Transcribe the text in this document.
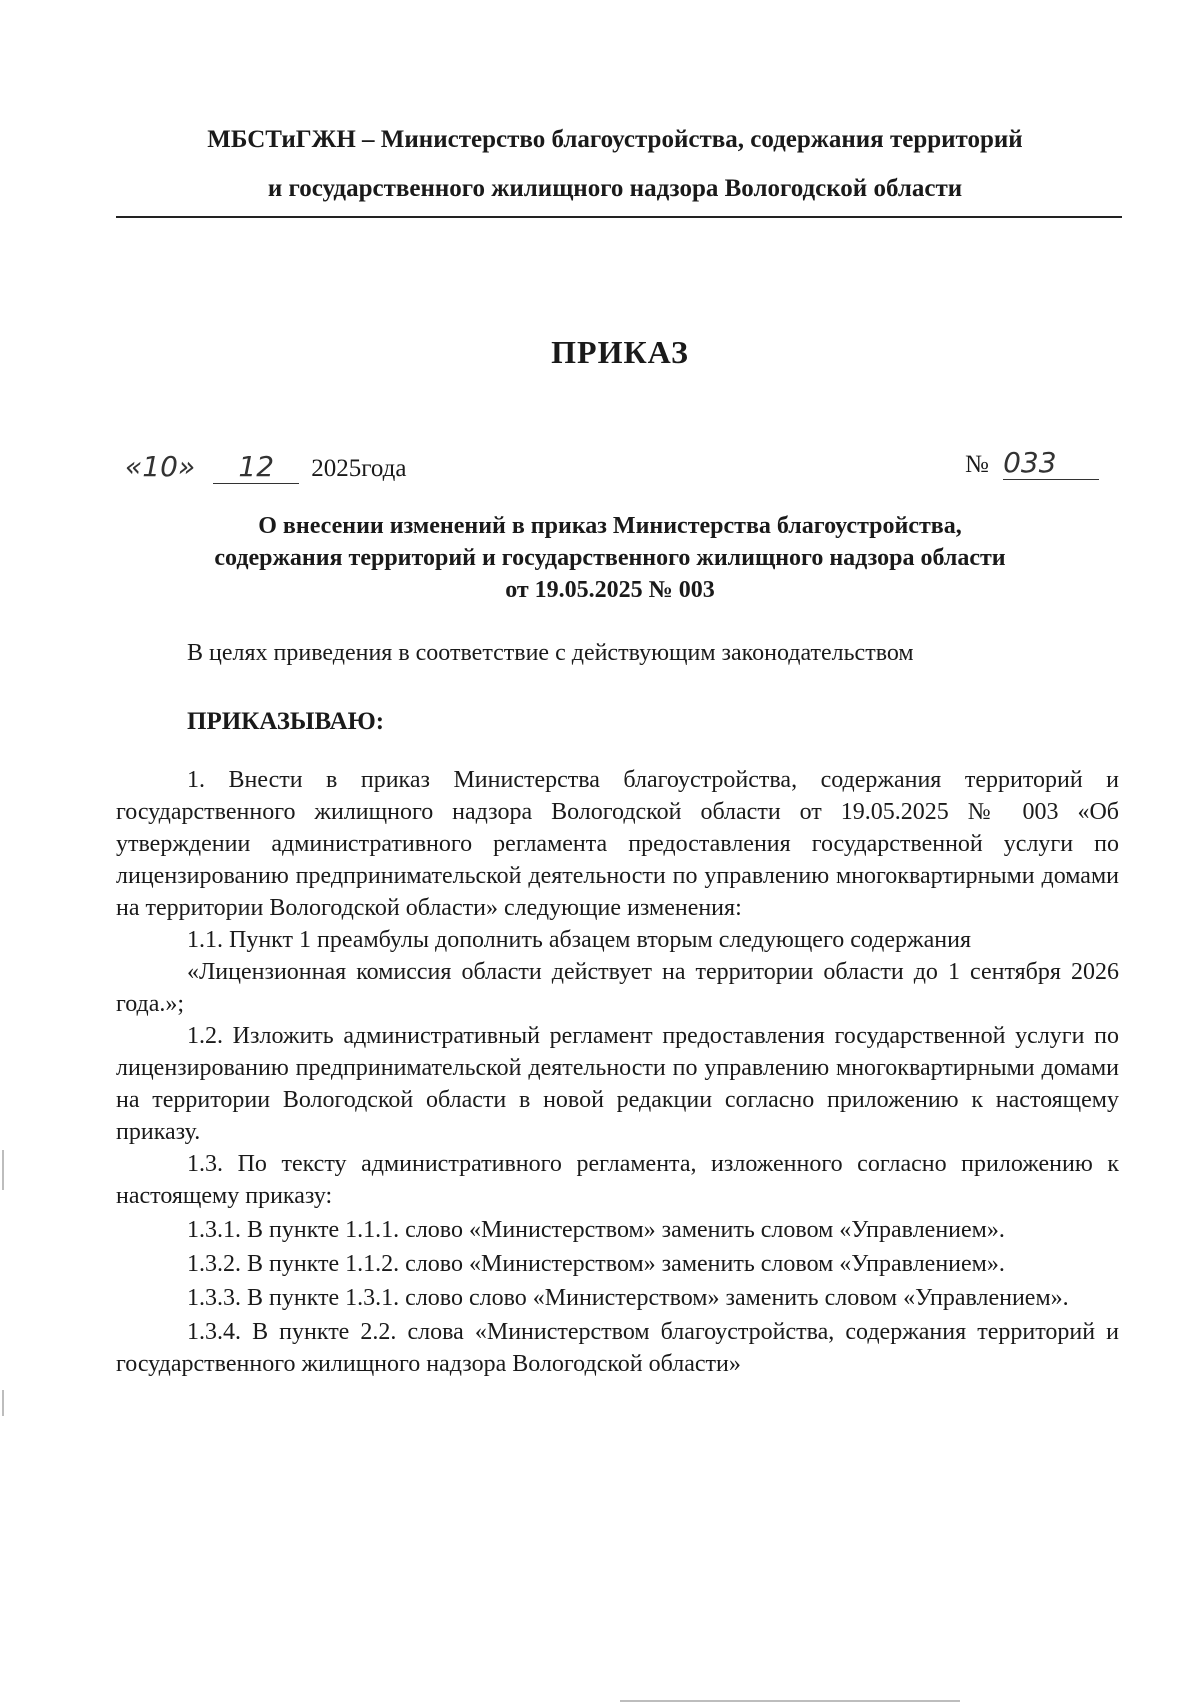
МБСТиГЖН – Министерство благоустройства, содержания территорий
и государственного жилищного надзора Вологодской области
ПРИКАЗ
«10» 12 2025года	№ 033
О внесении изменений в приказ Министерства благоустройства,
содержания территорий и государственного жилищного надзора области
от 19.05.2025 № 003
В целях приведения в соответствие с действующим законодательством
ПРИКАЗЫВАЮ:

1. Внести в приказ Министерства благоустройства, содержания территорий и государственного жилищного надзора Вологодской области от 19.05.2025 № 003 «Об утверждении административного регламента предоставления государственной услуги по лицензированию предпринимательской деятельности по управлению многоквартирными домами на территории Вологодской области» следующие изменения:

1.1. Пункт 1 преамбулы дополнить абзацем вторым следующего содержания

«Лицензионная комиссия области действует на территории области до 1 сентября 2026 года.»;

1.2. Изложить административный регламент предоставления государственной услуги по лицензированию предпринимательской деятельности по управлению многоквартирными домами на территории Вологодской области в новой редакции согласно приложению к настоящему приказу.

1.3. По тексту административного регламента, изложенного согласно приложению к настоящему приказу:

1.3.1. В пункте 1.1.1. слово «Министерством» заменить словом «Управлением».

1.3.2. В пункте 1.1.2. слово «Министерством» заменить словом «Управлением».

1.3.3. В пункте 1.3.1. слово слово «Министерством» заменить словом «Управлением».

1.3.4. В пункте 2.2. слова «Министерством благоустройства, содержания территорий и государственного жилищного надзора Вологодской области»
